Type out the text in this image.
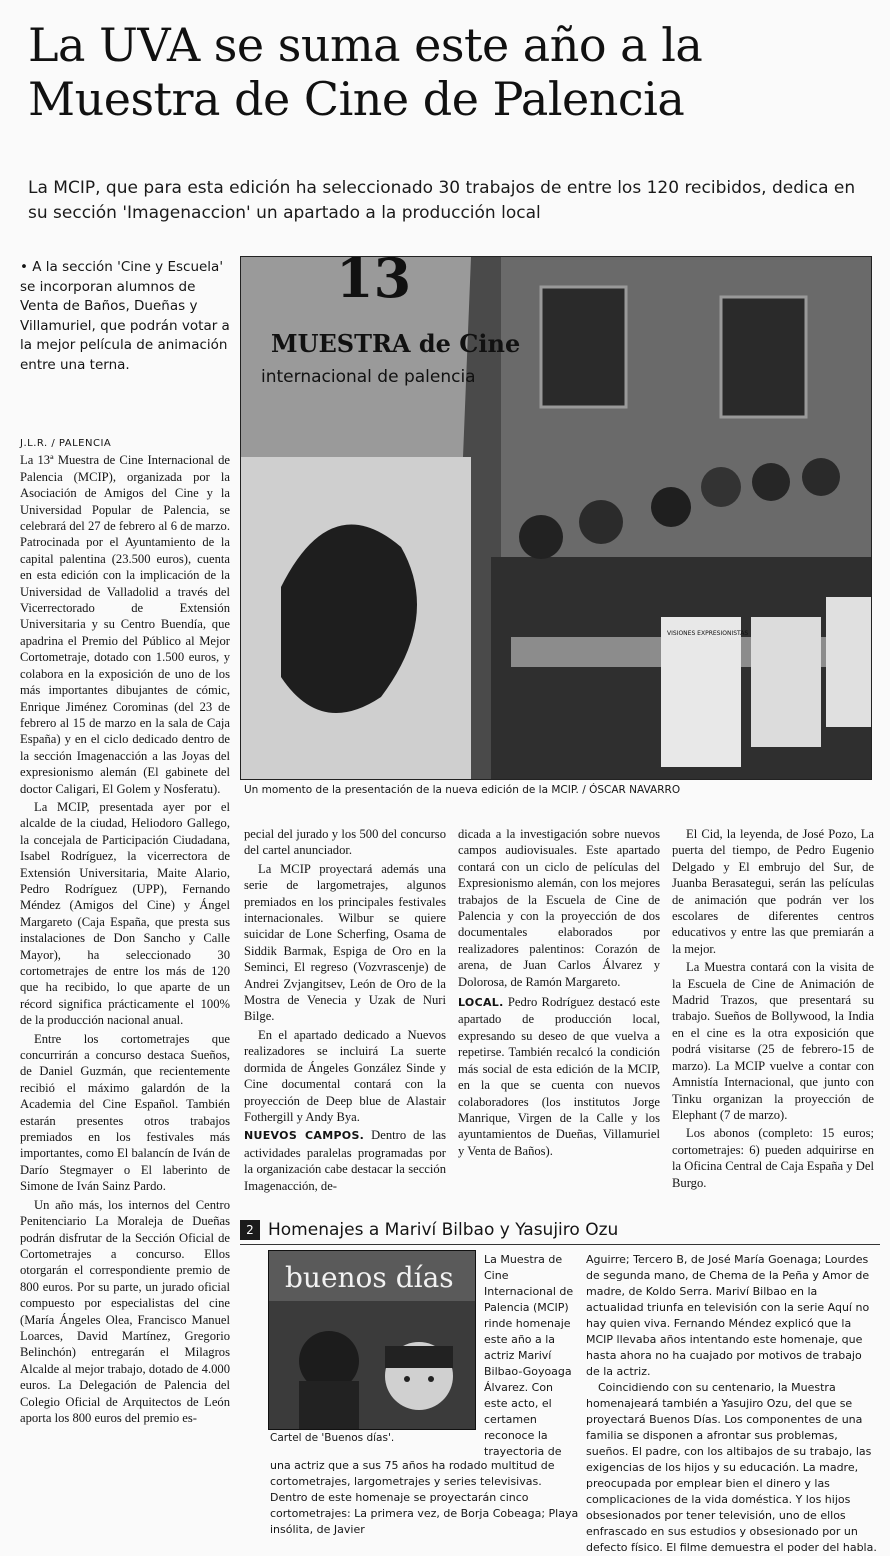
La UVA se suma este año a la
Muestra de Cine de Palencia

La MCIP, que para esta edición ha seleccionado 30 trabajos de entre los 120 recibidos, dedica en su sección 'Imagenaccion' un apartado a la producción local

• A la sección 'Cine y Escuela' se incorporan alumnos de Venta de Baños, Dueñas y Villamuriel, que podrán votar a la mejor película de animación entre una terna.
13
MUESTRA de Cine
internacional de palencia
VISIONES EXPRESIONISTAS
Un momento de la presentación de la nueva edición de la MCIP. / ÓSCAR NAVARRO
J.L.R. / PALENCIA

La 13ª Muestra de Cine Internacional de Palencia (MCIP), organizada por la Asociación de Amigos del Cine y la Universidad Popular de Palencia, se celebrará del 27 de febrero al 6 de marzo. Patrocinada por el Ayuntamiento de la capital palentina (23.500 euros), cuenta en esta edición con la implicación de la Universidad de Valladolid a través del Vicerrectorado de Extensión Universitaria y su Centro Buendía, que apadrina el Premio del Público al Mejor Cortometraje, dotado con 1.500 euros, y colabora en la exposición de uno de los más importantes dibujantes de cómic, Enrique Jiménez Corominas (del 23 de febrero al 15 de marzo en la sala de Caja España) y en el ciclo dedicado dentro de la sección Imagenacción a las Joyas del expresionismo alemán (El gabinete del doctor Caligari, El Golem y Nosferatu).

La MCIP, presentada ayer por el alcalde de la ciudad, Heliodoro Gallego, la concejala de Participación Ciudadana, Isabel Rodríguez, la vicerrectora de Extensión Universitaria, Maite Alario, Pedro Rodríguez (UPP), Fernando Méndez (Amigos del Cine) y Ángel Margareto (Caja España, que presta sus instalaciones de Don Sancho y Calle Mayor), ha seleccionado 30 cortometrajes de entre los más de 120 que ha recibido, lo que aparte de un récord significa prácticamente el 100% de la producción nacional anual.

Entre los cortometrajes que concurrirán a concurso destaca Sueños, de Daniel Guzmán, que recientemente recibió el máximo galardón de la Academia del Cine Español. También estarán presentes otros trabajos premiados en los festivales más importantes, como El balancín de Iván de Darío Stegmayer o El laberinto de Simone de Iván Sainz Pardo.

Un año más, los internos del Centro Penitenciario La Moraleja de Dueñas podrán disfrutar de la Sección Oficial de Cortometrajes a concurso. Ellos otorgarán el correspondiente premio de 800 euros. Por su parte, un jurado oficial compuesto por especialistas del cine (María Ángeles Olea, Francisco Manuel Loarces, David Martínez, Gregorio Belinchón) entregarán el Milagros Alcalde al mejor trabajo, dotado de 4.000 euros. La Delegación de Palencia del Colegio Oficial de Arquitectos de León aporta los 800 euros del premio es-

pecial del jurado y los 500 del concurso del cartel anunciador.

La MCIP proyectará además una serie de largometrajes, algunos premiados en los principales festivales internacionales. Wilbur se quiere suicidar de Lone Scherfing, Osama de Siddik Barmak, Espiga de Oro en la Seminci, El regreso (Vozvrascenje) de Andrei Zvjangitsev, León de Oro de la Mostra de Venecia y Uzak de Nuri Bilge.

En el apartado dedicado a Nuevos realizadores se incluirá La suerte dormida de Ángeles González Sinde y Cine documental contará con la proyección de Deep blue de Alastair Fothergill y Andy Bya.

NUEVOS CAMPOS. Dentro de las actividades paralelas programadas por la organización cabe destacar la sección Imagenacción, de-

dicada a la investigación sobre nuevos campos audiovisuales. Este apartado contará con un ciclo de películas del Expresionismo alemán, con los mejores trabajos de la Escuela de Cine de Palencia y con la proyección de dos documentales elaborados por realizadores palentinos: Corazón de arena, de Juan Carlos Álvarez y Dolorosa, de Ramón Margareto.

LOCAL. Pedro Rodríguez destacó este apartado de producción local, expresando su deseo de que vuelva a repetirse. También recalcó la condición más social de esta edición de la MCIP, en la que se cuenta con nuevos colaboradores (los institutos Jorge Manrique, Virgen de la Calle y los ayuntamientos de Dueñas, Villamuriel y Venta de Baños).

El Cid, la leyenda, de José Pozo, La puerta del tiempo, de Pedro Eugenio Delgado y El embrujo del Sur, de Juanba Berasategui, serán las películas de animación que podrán ver los escolares de diferentes centros educativos y entre las que premiarán a la mejor.

La Muestra contará con la visita de la Escuela de Cine de Animación de Madrid Trazos, que presentará su trabajo. Sueños de Bollywood, la India en el cine es la otra exposición que podrá visitarse (25 de febrero-15 de marzo). La MCIP vuelve a contar con Amnistía Internacional, que junto con Tinku organizan la proyección de Elephant (7 de marzo).

Los abonos (completo: 15 euros; cortometrajes: 6) pueden adquirirse en la Oficina Central de Caja España y Del Burgo.

2 Homenajes a Mariví Bilbao y Yasujiro Ozu
buenos días
Cartel de 'Buenos días'.

La Muestra de Cine Internacional de Palencia (MCIP) rinde homenaje este año a la actriz Mariví Bilbao-Goyoaga Álvarez. Con este acto, el certamen reconoce la trayectoria de

una actriz que a sus 75 años ha rodado multitud de cortometrajes, largometrajes y series televisivas. Dentro de este homenaje se proyectarán cinco cortometrajes: La primera vez, de Borja Cobeaga; Playa insólita, de Javier

Aguirre; Tercero B, de José María Goenaga; Lourdes de segunda mano, de Chema de la Peña y Amor de madre, de Koldo Serra. Mariví Bilbao en la actualidad triunfa en televisión con la serie Aquí no hay quien viva. Fernando Méndez explicó que la MCIP llevaba años intentando este homenaje, que hasta ahora no ha cuajado por motivos de trabajo de la actriz.

Coincidiendo con su centenario, la Muestra homenajeará también a Yasujiro Ozu, del que se proyectará Buenos Días. Los componentes de una familia se disponen a afrontar sus problemas, sueños. El padre, con los altibajos de su trabajo, las exigencias de los hijos y su educación. La madre, preocupada por emplear bien el dinero y las complicaciones de la vida doméstica. Y los hijos obsesionados por tener televisión, uno de ellos enfrascado en sus estudios y obsesionado por un defecto físico. El filme demuestra el poder del habla.
